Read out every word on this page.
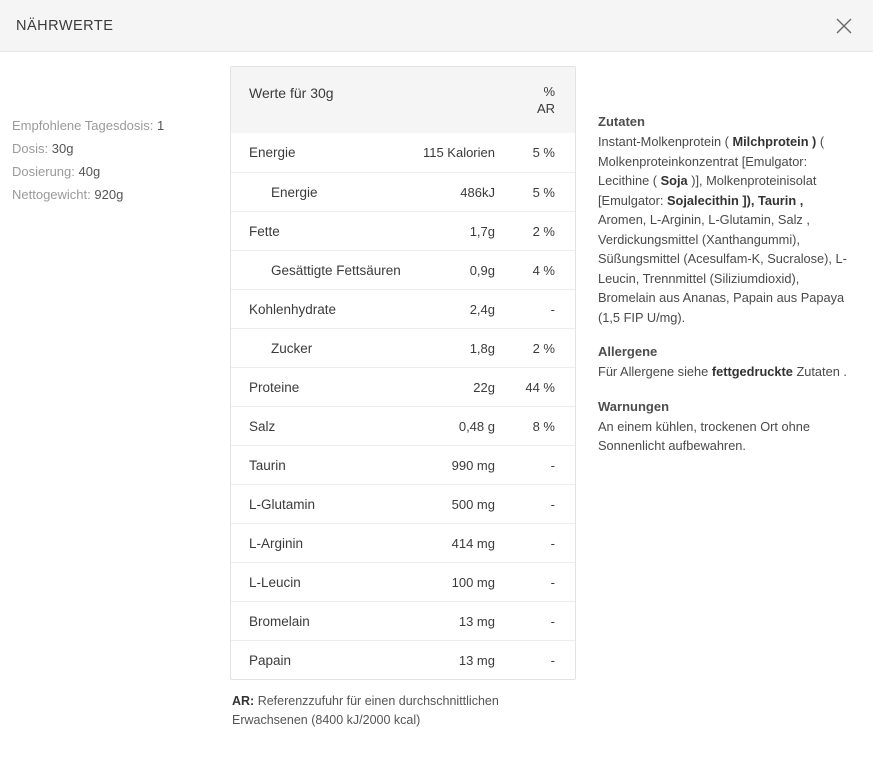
NÄHRWERTE
Empfohlene Tagesdosis: 1
Dosis: 30g
Dosierung: 40g
Nettogewicht: 920g
Werte für 30g	%
AR
Energie	115 Kalorien	5 %
Energie	486kJ	5 %
Fette	1,7g	2 %
Gesättigte Fettsäuren	0,9g	4 %
Kohlenhydrate	2,4g	-
Zucker	1,8g	2 %
Proteine	22g	44 %
Salz	0,48 g	8 %
Taurin	990 mg	-
L-Glutamin	500 mg	-
L-Arginin	414 mg	-
L-Leucin	100 mg	-
Bromelain	13 mg	-
Papain	13 mg	-
AR: Referenzzufuhr für einen durchschnittlichen Erwachsenen (8400 kJ/2000 kcal)
Zutaten

Instant-Molkenprotein ( Milchprotein ) ( Molkenproteinkonzentrat [Emulgator: Lecithine ( Soja )], Molkenproteinisolat [Emulgator: Sojalecithin ]), Taurin , Aromen, L-Arginin, L-Glutamin, Salz , Verdickungsmittel (Xanthangummi), Süßungsmittel (Acesulfam-K, Sucralose), L-Leucin, Trennmittel (Siliziumdioxid), Bromelain aus Ananas, Papain aus Papaya (1,5 FIP U/mg).

Allergene

Für Allergene siehe fettgedruckte Zutaten .

Warnungen

An einem kühlen, trockenen Ort ohne Sonnenlicht aufbewahren.
